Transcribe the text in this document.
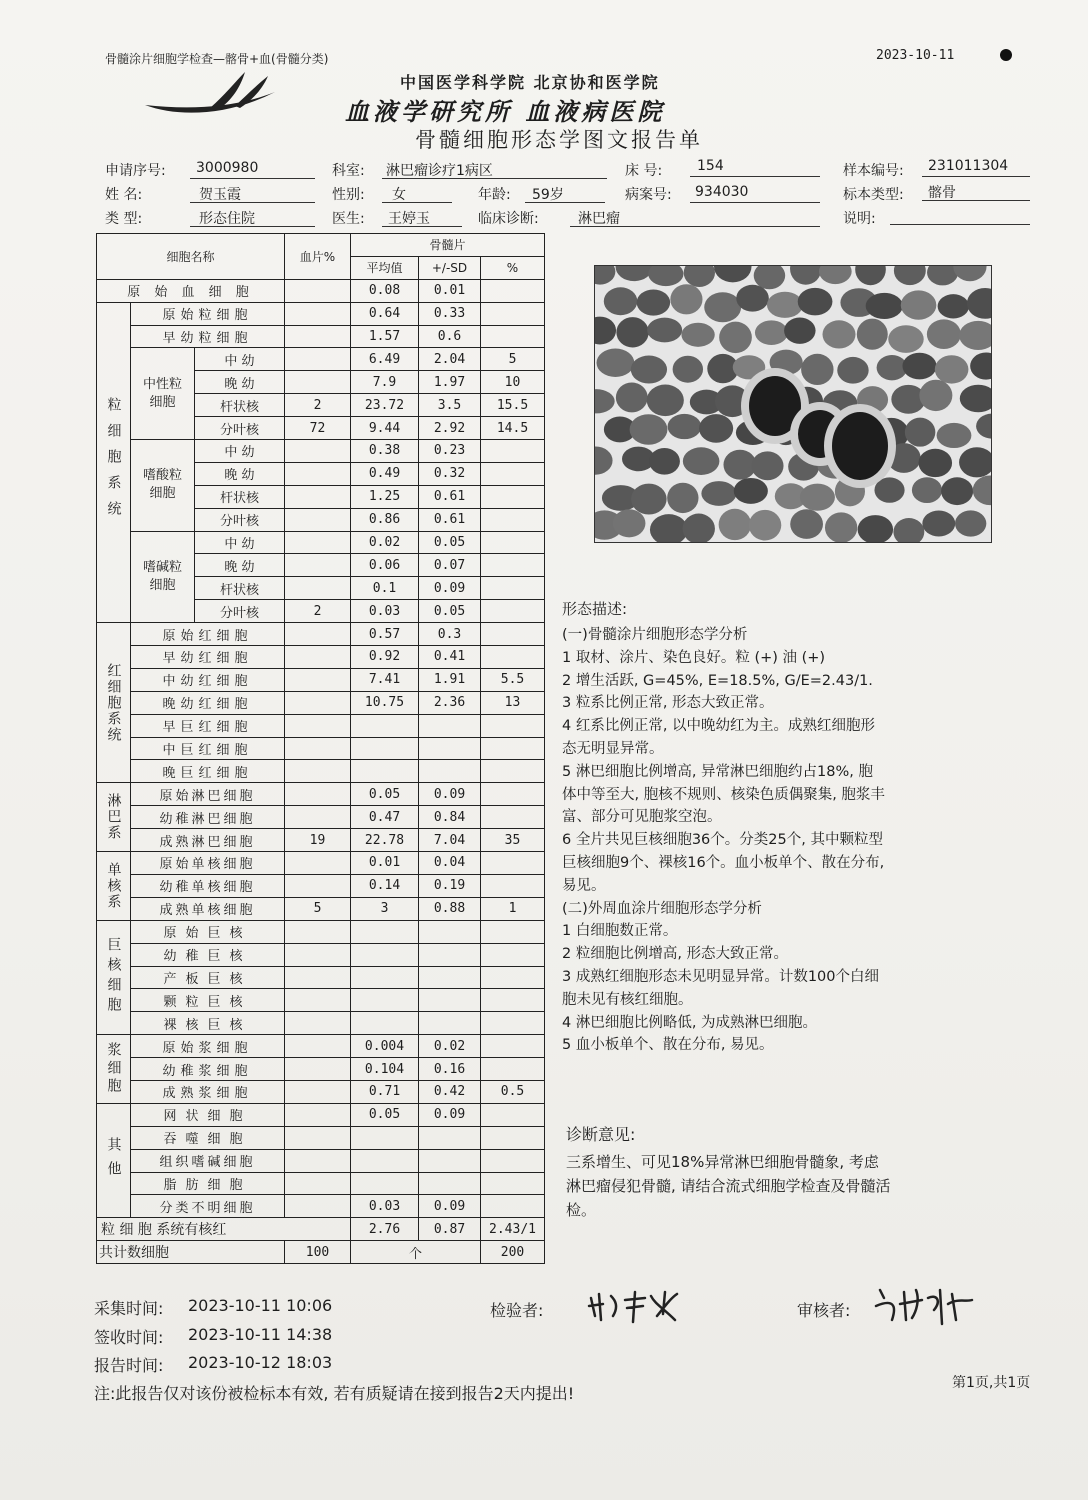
骨髓涂片细胞学检查—髂骨+血(骨髓分类)	2023-10-11
中国医学科学院 北京协和医学院
血液学研究所 血液病医院
骨髓细胞形态学图文报告单
申请序号: 3000980	科室: 淋巴瘤诊疗1病区	床 号: 154	样本编号: 231011304
姓 名:	贺玉霞	性别: 女	年龄: 59岁	病案号: 934030	标本类型: 髂骨
类 型:	形态住院	医生: 王婷玉	临床诊断:	淋巴瘤	说明:
细胞名称			血片%	骨髓片		
				平均值	+/-SD	%
原 始 血 细 胞				0.08	0.01	
粒细胞系统	原始粒细胞			0.64	0.33	
	早幼粒细胞			1.57	0.6	
	中性粒细胞	中 幼		6.49	2.04	5
		晚 幼		7.9	1.97	10
		杆状核	2	23.72	3.5	15.5
		分叶核	72	9.44	2.92	14.5
	嗜酸粒细胞	中 幼		0.38	0.23	
		晚 幼		0.49	0.32	
		杆状核		1.25	0.61	
		分叶核		0.86	0.61	
	嗜碱粒细胞	中 幼		0.02	0.05	
		晚 幼		0.06	0.07	
		杆状核		0.1	0.09	
		分叶核	2	0.03	0.05	
红细胞系统	原始红细胞			0.57	0.3	
	早幼红细胞			0.92	0.41	
	中幼红细胞			7.41	1.91	5.5
	晚幼红细胞			10.75	2.36	13
	早巨红细胞					
	中巨红细胞					
	晚巨红细胞					
淋巴系	原始淋巴细胞			0.05	0.09	
	幼稚淋巴细胞			0.47	0.84	
	成熟淋巴细胞		19	22.78	7.04	35
单核系	原始单核细胞			0.01	0.04	
	幼稚单核细胞			0.14	0.19	
	成熟单核细胞		5	3	0.88	1
巨核细胞	原始巨核					
	幼稚巨核					
	产板巨核					
	颗粒巨核					
	裸核巨核					
浆细胞	原始浆细胞			0.004	0.02	
	幼稚浆细胞			0.104	0.16	
	成熟浆细胞			0.71	0.42	0.5
其他	网状细胞			0.05	0.09	
	吞噬细胞					
	组织嗜碱细胞					
	脂肪细胞					
	分类不明细胞			0.03	0.09	
粒 细 胞 系统有核红				2.76	0.87	2.43/1
共计数细胞			100	个		200
形态描述:
(一)骨髓涂片细胞形态学分析
1 取材、涂片、染色良好。粒 (+) 油 (+)
2 增生活跃, G=45%, E=18.5%, G/E=2.43/1.
3 粒系比例正常, 形态大致正常。
4 红系比例正常, 以中晚幼红为主。成熟红细胞形
态无明显异常。
5 淋巴细胞比例增高, 异常淋巴细胞约占18%, 胞
体中等至大, 胞核不规则、核染色质偶聚集, 胞浆丰
富、部分可见胞浆空泡。
6 全片共见巨核细胞36个。分类25个, 其中颗粒型
巨核细胞9个、裸核16个。血小板单个、散在分布,
易见。
(二)外周血涂片细胞形态学分析
1 白细胞数正常。
2 粒细胞比例增高, 形态大致正常。
3 成熟红细胞形态未见明显异常。计数100个白细
胞未见有核红细胞。
4 淋巴细胞比例略低, 为成熟淋巴细胞。
5 血小板单个、散在分布, 易见。
诊断意见:
三系增生、可见18%异常淋巴细胞骨髓象, 考虑
淋巴瘤侵犯骨髓, 请结合流式细胞学检查及骨髓活
检。
采集时间: 2023-10-11 10:06
签收时间: 2023-10-11 14:38
报告时间: 2023-10-12 18:03
检验者:	审核者:
注:此报告仅对该份被检标本有效, 若有质疑请在接到报告2天内提出!
第1页,共1页
